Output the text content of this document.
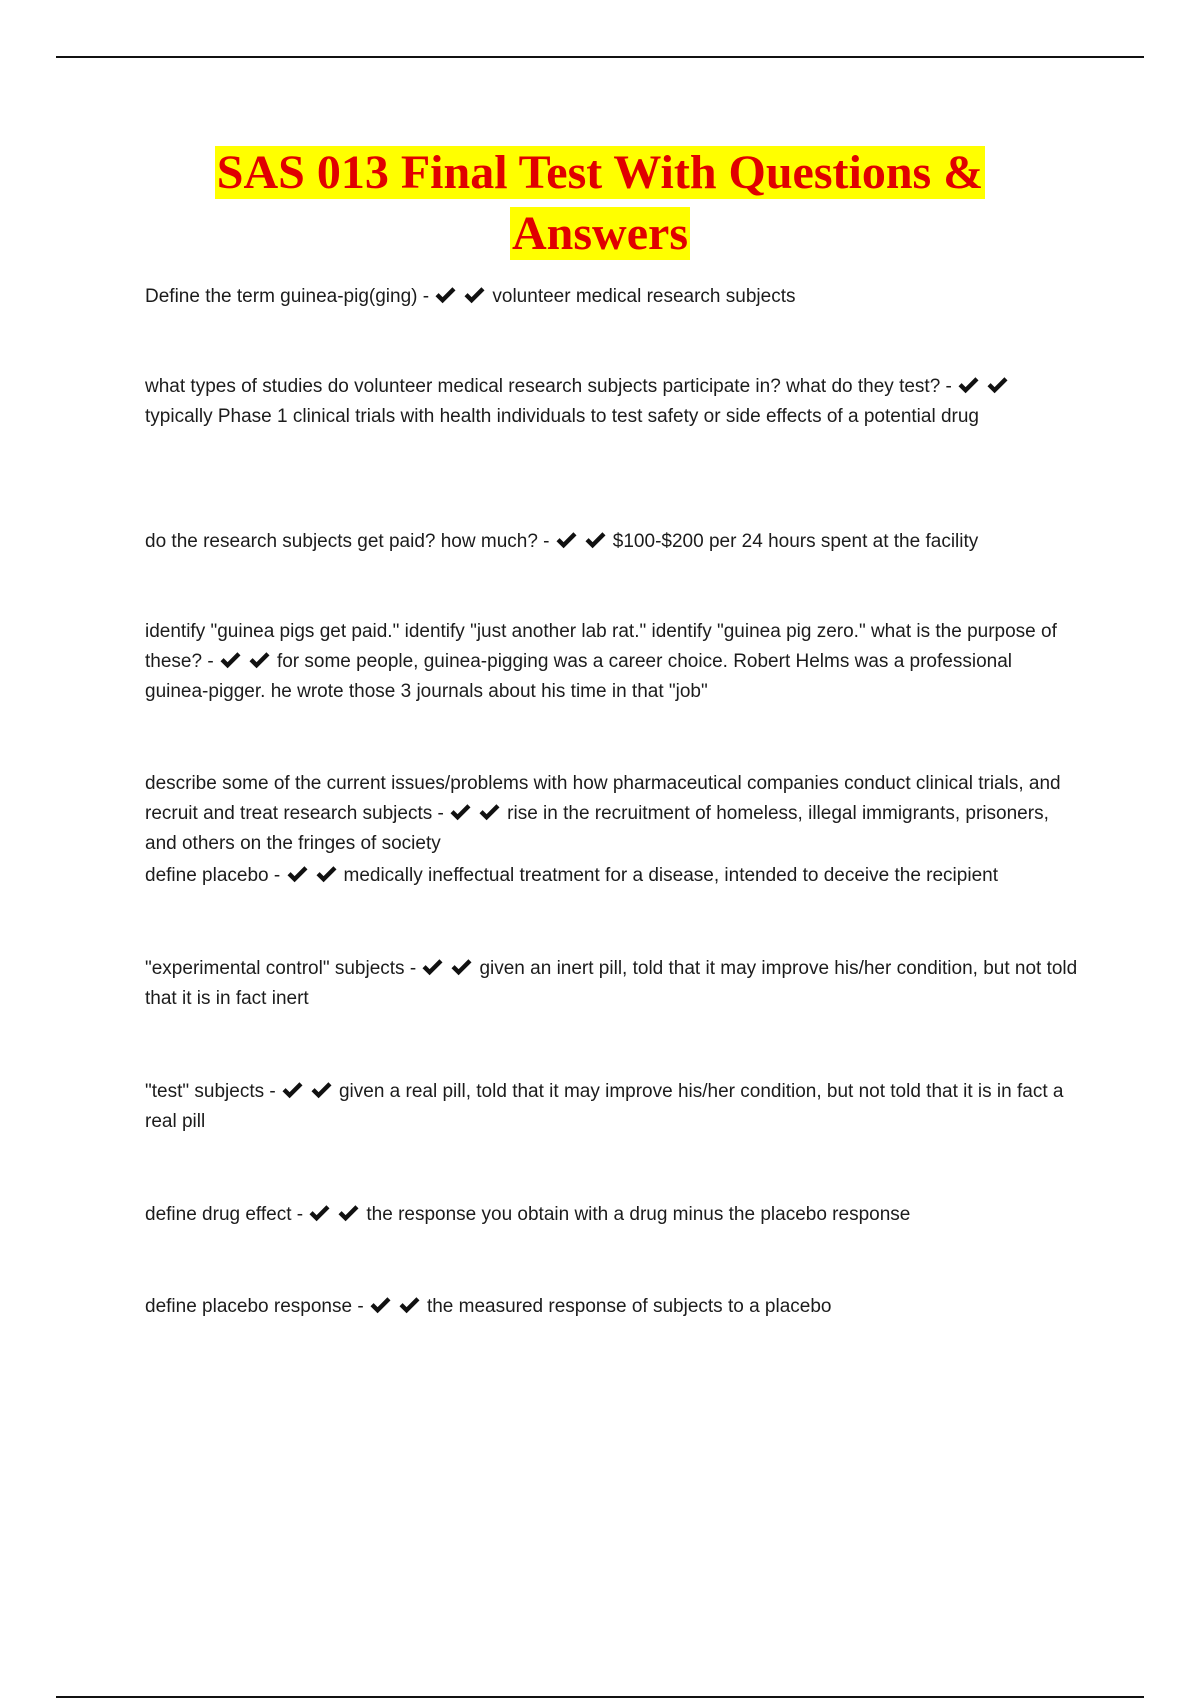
SAS 013 Final Test With Questions &
Answers
Define the term guinea-pig(ging) -	volunteer medical research subjects
what types of studies do volunteer medical research subjects participate in? what do they test? -
typically Phase 1 clinical trials with health individuals to test safety or side effects of a potential drug
do the research subjects get paid? how much? -	$100-$200 per 24 hours spent at the facility
identify "guinea pigs get paid." identify "just another lab rat." identify "guinea pig zero." what is the purpose of these? -	for some people, guinea-pigging was a career choice. Robert Helms was a professional guinea-pigger. he wrote those 3 journals about his time in that "job"
describe some of the current issues/problems with how pharmaceutical companies conduct clinical trials, and recruit and treat research subjects -	rise in the recruitment of homeless, illegal immigrants, prisoners, and others on the fringes of society
define placebo -	medically ineffectual treatment for a disease, intended to deceive the recipient
"experimental control" subjects -	given an inert pill, told that it may improve his/her condition, but not told that it is in fact inert
"test" subjects -	given a real pill, told that it may improve his/her condition, but not told that it is in fact a real pill
define drug effect -	the response you obtain with a drug minus the placebo response
define placebo response -	the measured response of subjects to a placebo
